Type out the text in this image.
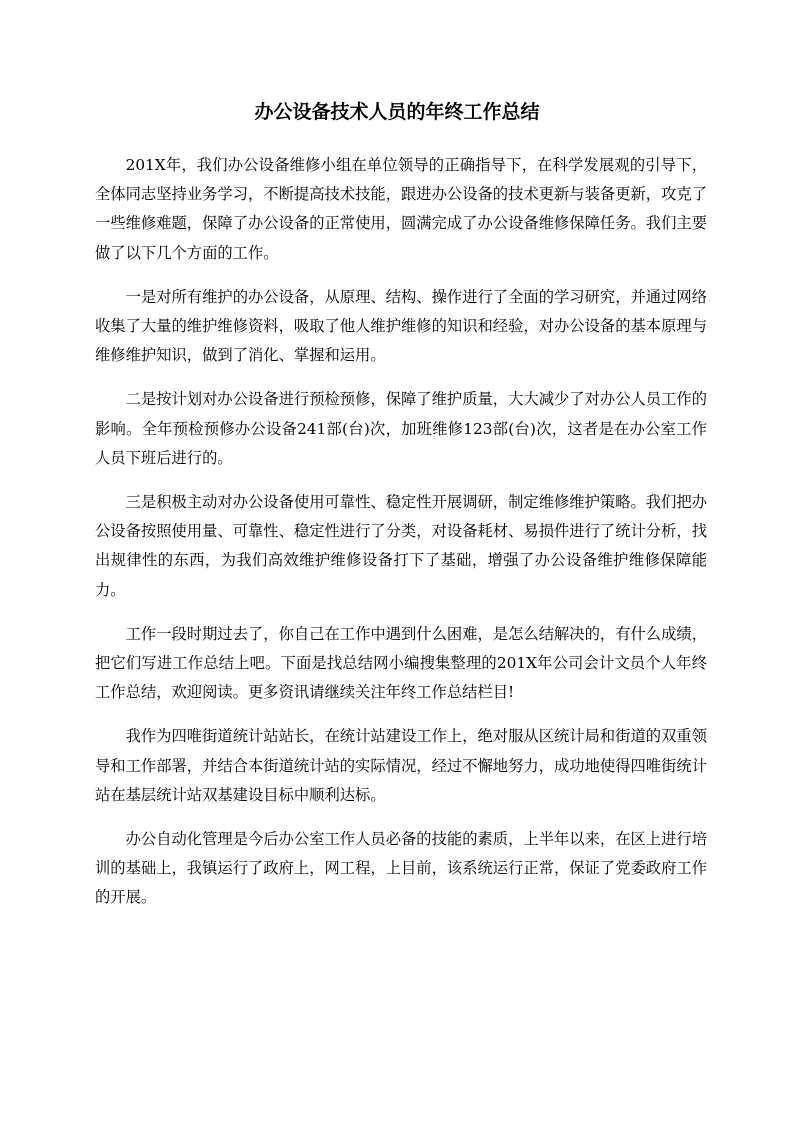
办公设备技术人员的年终工作总结

201X年，我们办公设备维修小组在单位领导的正确指导下，在科学发展观的引导下，全体同志坚持业务学习，不断提高技术技能，跟进办公设备的技术更新与装备更新，攻克了一些维修难题，保障了办公设备的正常使用，圆满完成了办公设备维修保障任务。我们主要做了以下几个方面的工作。

一是对所有维护的办公设备，从原理、结构、操作进行了全面的学习研究，并通过网络收集了大量的维护维修资料，吸取了他人维护维修的知识和经验，对办公设备的基本原理与维修维护知识，做到了消化、掌握和运用。

二是按计划对办公设备进行预检预修，保障了维护质量，大大减少了对办公人员工作的影响。全年预检预修办公设备241部(台)次，加班维修123部(台)次，这者是在办公室工作人员下班后进行的。

三是积极主动对办公设备使用可靠性、稳定性开展调研，制定维修维护策略。我们把办公设备按照使用量、可靠性、稳定性进行了分类，对设备耗材、易损件进行了统计分析，找出规律性的东西，为我们高效维护维修设备打下了基础，增强了办公设备维护维修保障能力。

工作一段时期过去了，你自己在工作中遇到什么困难，是怎么结解决的，有什么成绩，把它们写进工作总结上吧。下面是找总结网小编搜集整理的201X年公司会计文员个人年终工作总结，欢迎阅读。更多资讯请继续关注年终工作总结栏目!

我作为四唯街道统计站站长，在统计站建设工作上，绝对服从区统计局和街道的双重领导和工作部署，并结合本街道统计站的实际情况，经过不懈地努力，成功地使得四唯街统计站在基层统计站双基建设目标中顺利达标。

办公自动化管理是今后办公室工作人员必备的技能的素质，上半年以来，在区上进行培训的基础上，我镇运行了政府上，网工程，上目前，该系统运行正常，保证了党委政府工作的开展。
